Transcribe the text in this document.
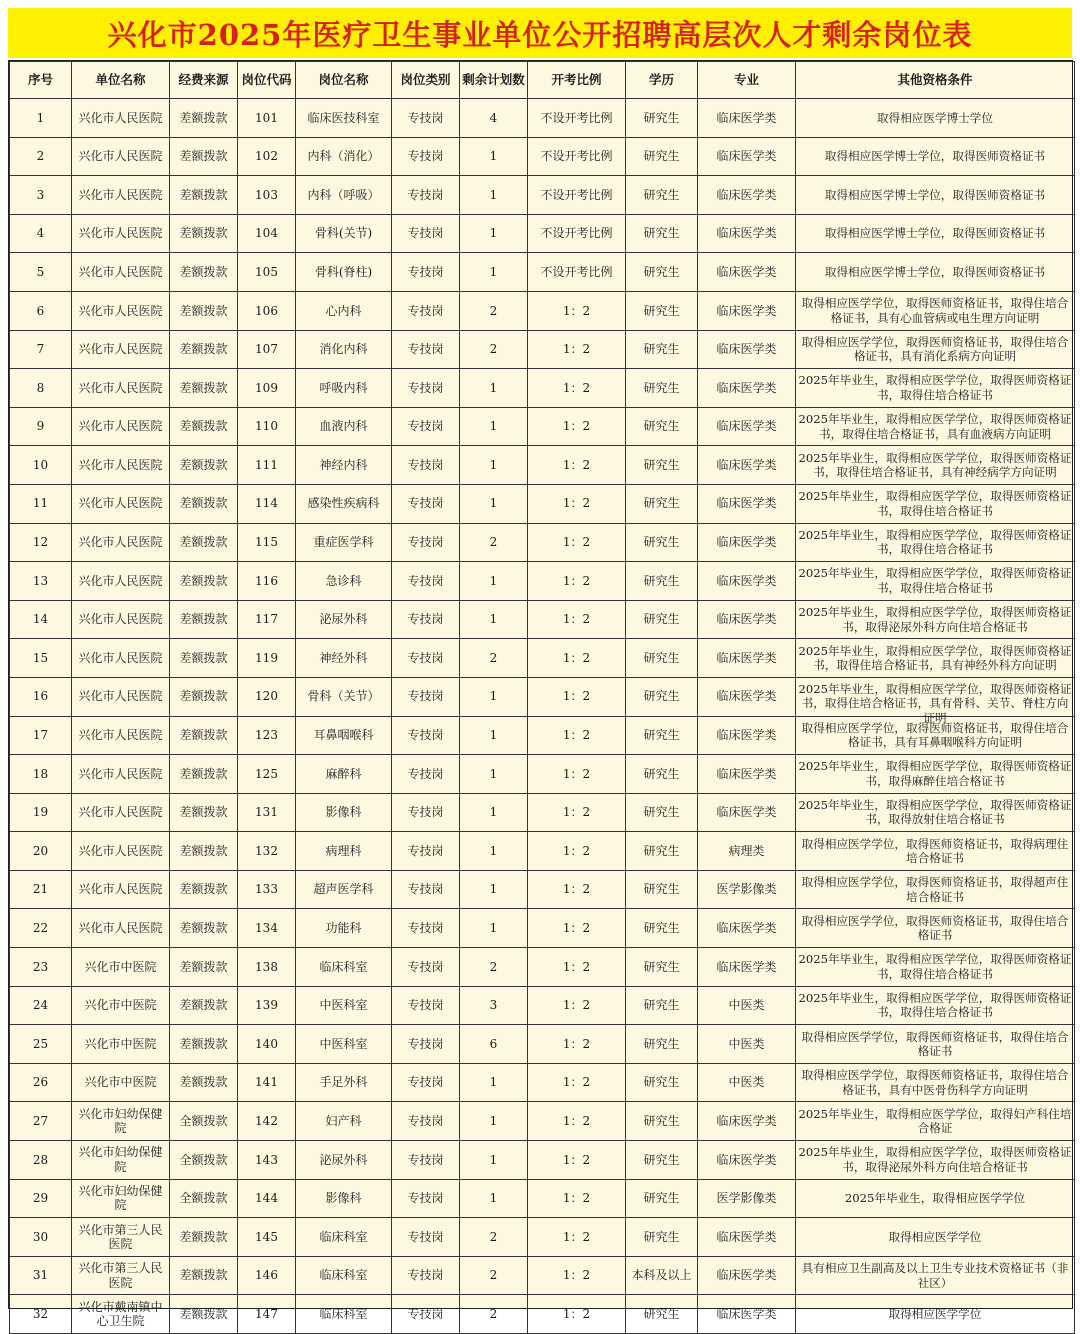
兴化市2025年医疗卫生事业单位公开招聘高层次人才剩余岗位表
序号	单位名称	经费来源	岗位代码	岗位名称	岗位类别	剩余计划数	开考比例	学历	专业	其他资格条件
1	兴化市人民医院	差额拨款	101	临床医技科室	专技岗	4	不设开考比例	研究生	临床医学类	取得相应医学博士学位

2	兴化市人民医院	差额拨款	102	内科（消化）	专技岗	1	不设开考比例	研究生	临床医学类	取得相应医学博士学位，取得医师资格证书

3	兴化市人民医院	差额拨款	103	内科（呼吸）	专技岗	1	不设开考比例	研究生	临床医学类	取得相应医学博士学位，取得医师资格证书

4	兴化市人民医院	差额拨款	104	骨科(关节)	专技岗	1	不设开考比例	研究生	临床医学类	取得相应医学博士学位，取得医师资格证书

5	兴化市人民医院	差额拨款	105	骨科(脊柱)	专技岗	1	不设开考比例	研究生	临床医学类	取得相应医学博士学位，取得医师资格证书

6	兴化市人民医院	差额拨款	106	心内科	专技岗	2	1：2	研究生	临床医学类	取得相应医学学位，取得医师资格证书，取得住培合格证书，具有心血管病或电生理方向证明

7	兴化市人民医院	差额拨款	107	消化内科	专技岗	2	1：2	研究生	临床医学类	取得相应医学学位，取得医师资格证书，取得住培合格证书，具有消化系病方向证明

8	兴化市人民医院	差额拨款	109	呼吸内科	专技岗	1	1：2	研究生	临床医学类	2025年毕业生，取得相应医学学位，取得医师资格证书，取得住培合格证书

9	兴化市人民医院	差额拨款	110	血液内科	专技岗	1	1：2	研究生	临床医学类	2025年毕业生，取得相应医学学位，取得医师资格证书，取得住培合格证书，具有血液病方向证明

10	兴化市人民医院	差额拨款	111	神经内科	专技岗	1	1：2	研究生	临床医学类	2025年毕业生，取得相应医学学位，取得医师资格证书，取得住培合格证书，具有神经病学方向证明

11	兴化市人民医院	差额拨款	114	感染性疾病科	专技岗	1	1：2	研究生	临床医学类	2025年毕业生，取得相应医学学位，取得医师资格证书，取得住培合格证书

12	兴化市人民医院	差额拨款	115	重症医学科	专技岗	2	1：2	研究生	临床医学类	2025年毕业生，取得相应医学学位，取得医师资格证书，取得住培合格证书

13	兴化市人民医院	差额拨款	116	急诊科	专技岗	1	1：2	研究生	临床医学类	2025年毕业生，取得相应医学学位，取得医师资格证书，取得住培合格证书

14	兴化市人民医院	差额拨款	117	泌尿外科	专技岗	1	1：2	研究生	临床医学类	2025年毕业生，取得相应医学学位，取得医师资格证书，取得泌尿外科方向住培合格证书

15	兴化市人民医院	差额拨款	119	神经外科	专技岗	2	1：2	研究生	临床医学类	2025年毕业生，取得相应医学学位，取得医师资格证书，取得住培合格证书，具有神经外科方向证明

16	兴化市人民医院	差额拨款	120	骨科（关节）	专技岗	1	1：2	研究生	临床医学类	2025年毕业生，取得相应医学学位，取得医师资格证书，取得住培合格证书，具有骨科、关节、脊柱方向证明

17	兴化市人民医院	差额拨款	123	耳鼻咽喉科	专技岗	1	1：2	研究生	临床医学类	取得相应医学学位，取得医师资格证书，取得住培合格证书，具有耳鼻咽喉科方向证明

18	兴化市人民医院	差额拨款	125	麻醉科	专技岗	1	1：2	研究生	临床医学类	2025年毕业生，取得相应医学学位，取得医师资格证书，取得麻醉住培合格证书

19	兴化市人民医院	差额拨款	131	影像科	专技岗	1	1：2	研究生	临床医学类	2025年毕业生，取得相应医学学位，取得医师资格证书，取得放射住培合格证书

20	兴化市人民医院	差额拨款	132	病理科	专技岗	1	1：2	研究生	病理类	取得相应医学学位，取得医师资格证书，取得病理住培合格证书

21	兴化市人民医院	差额拨款	133	超声医学科	专技岗	1	1：2	研究生	医学影像类	取得相应医学学位，取得医师资格证书，取得超声住培合格证书

22	兴化市人民医院	差额拨款	134	功能科	专技岗	1	1：2	研究生	临床医学类	取得相应医学学位，取得医师资格证书，取得住培合格证书

23	兴化市中医院	差额拨款	138	临床科室	专技岗	2	1：2	研究生	临床医学类	2025年毕业生，取得相应医学学位，取得医师资格证书，取得住培合格证书

24	兴化市中医院	差额拨款	139	中医科室	专技岗	3	1：2	研究生	中医类	2025年毕业生，取得相应医学学位，取得医师资格证书，取得住培合格证书

25	兴化市中医院	差额拨款	140	中医科室	专技岗	6	1：2	研究生	中医类	取得相应医学学位，取得医师资格证书，取得住培合格证书

26	兴化市中医院	差额拨款	141	手足外科	专技岗	1	1：2	研究生	中医类	取得相应医学学位，取得医师资格证书，取得住培合格证书，具有中医骨伤科学方向证明

27	兴化市妇幼保健院	全额拨款	142	妇产科	专技岗	1	1：2	研究生	临床医学类	2025年毕业生，取得相应医学学位，取得妇产科住培合格证

28	兴化市妇幼保健院	全额拨款	143	泌尿外科	专技岗	1	1：2	研究生	临床医学类	2025年毕业生，取得相应医学学位，取得医师资格证书，取得泌尿外科方向住培合格证书

29	兴化市妇幼保健院	全额拨款	144	影像科	专技岗	1	1：2	研究生	医学影像类	2025年毕业生，取得相应医学学位

30	兴化市第三人民医院	差额拨款	145	临床科室	专技岗	2	1：2	研究生	临床医学类	取得相应医学学位

31	兴化市第三人民医院	差额拨款	146	临床科室	专技岗	2	1：2	本科及以上	临床医学类	具有相应卫生副高及以上卫生专业技术资格证书（非社区）

32	兴化市戴南镇中心卫生院	差额拨款	147	临床科室	专技岗	2	1：2	研究生	临床医学类	取得相应医学学位
